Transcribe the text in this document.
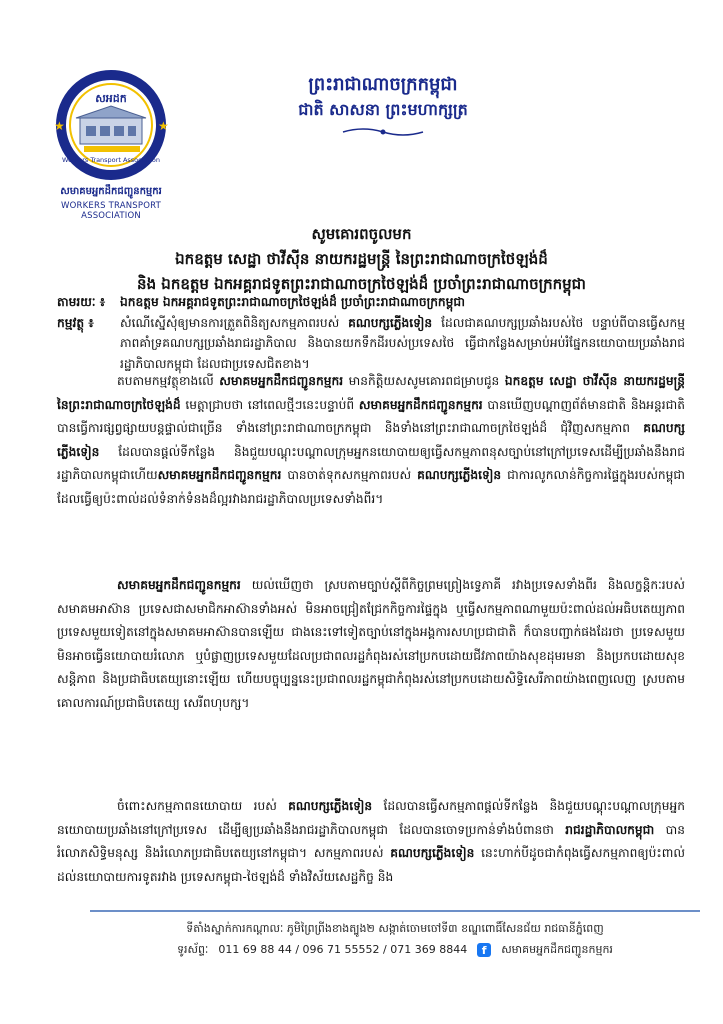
★	★
សអដក
Workers Transport Association
សមាគមអ្នកដឹកជញ្ជូនកម្មករ
WORKERS TRANSPORT ASSOCIATION
ព្រះរាជាណាចក្រកម្ពុជា
ជាតិ សាសនា ព្រះមហាក្សត្រ
សូមគោរពចូលមក
ឯកឧត្តម សេដ្ឋា ថាវីស៊ីន នាយករដ្ឋមន្ត្រី នៃព្រះរាជាណាចក្រថៃឡង់ដ៏
និង ឯកឧត្តម ឯកអគ្គរាជទូតព្រះរាជាណាចក្រថៃឡង់ដ៏ ប្រចាំព្រះរាជាណាចក្រកម្ពុជា
តាមរយៈ ៖	ឯកឧត្តម ឯកអគ្គរាជទូតព្រះរាជាណាចក្រថៃឡង់ដ៏ ប្រចាំព្រះរាជាណាចក្រកម្ពុជា
កម្មវត្ថុ ៖	សំណើស្នើសុំឲ្យមានការត្រួតពិនិត្យសកម្មភាពរបស់ គណបក្សភ្លើងទៀន ដែលជាគណបក្សប្រឆាំងរបស់ថៃ បន្ទាប់ពីបានធ្វើសកម្មភាពគាំទ្រគណបក្សប្រឆាំងរាជរដ្ឋាភិបាល និងបានយកទឹកដីរបស់ប្រទេសថៃ ធ្វើជាកន្លែងសម្រាប់អប់រំផ្នែកនយោបាយប្រឆាំងរាជរដ្ឋាភិបាលកម្ពុជា ដែលជាប្រទេសជិតខាង។
តបតាមកម្មវត្ថុខាងលើ សមាគមអ្នកដឹកជញ្ជូនកម្មករ មានកិត្តិយសសូមគោរពជម្រាបជូន ឯកឧត្តម សេដ្ឋា ថាវីស៊ីន នាយករដ្ឋមន្ត្រី នៃព្រះរាជាណាចក្រថៃឡង់ដ៏ មេត្តាជ្រាបថា នៅពេលថ្មីៗនេះបន្ទាប់ពី សមាគមអ្នកដឹកជញ្ជូនកម្មករ បានឃើញបណ្តាញព័ត៌មានជាតិ និងអន្តរជាតិ បានធ្វើការផ្សព្វផ្សាយបន្តផ្ទាល់ជាច្រើន ទាំងនៅព្រះរាជាណាចក្រកម្ពុជា និងទាំងនៅព្រះរាជាណាចក្រថៃឡង់ដ៏ ជុំវិញសកម្មភាព គណបក្សភ្លើងទៀន ដែលបានផ្តល់ទីកន្លែង និងជួយបណ្តុះបណ្តាលក្រុមអ្នកនយោបាយឲ្យធ្វើសកម្មភាពនុសច្បាប់នៅក្រៅប្រទេសដើម្បីប្រឆាំងនឹងរាជរដ្ឋាភិបាលកម្ពុជាហើយសមាគមអ្នកដឹកជញ្ជូនកម្មករ បានចាត់ទុកសកម្មភាពរបស់ គណបក្សភ្លើងទៀន ជាការលូកលាន់កិច្ចការផ្ទៃក្នុងរបស់កម្ពុជា ដែលធ្វើឲ្យប៉ះពាល់ដល់ទំនាក់ទំនងដ៏ល្អរវាងរាជរដ្ឋាភិបាលប្រទេសទាំងពីរ។
សមាគមអ្នកដឹកជញ្ជូនកម្មករ យល់ឃើញថា ស្របតាមច្បាប់ស្តីពីកិច្ចព្រមព្រៀងទ្វេភាគី រវាងប្រទេសទាំងពីរ និងលក្ខន្តិកៈរបស់សមាគមអាស៊ាន ប្រទេសជាសមាជិកអាស៊ានទាំងអស់ មិនអាចជ្រៀតជ្រែកកិច្ចការផ្ទៃក្នុង ឬធ្វើសកម្មភាពណាមួយប៉ះពាល់ដល់អធិបតេយ្យភាពប្រទេសមួយទៀតនៅក្នុងសមាគមអាស៊ានបានឡើយ ជាងនេះទៅទៀតច្បាប់នៅក្នុងអង្គការសហប្រជាជាតិ ក៏បានបញ្ជាក់ផងដែរថា ប្រទេសមួយមិនអាចធ្វើនយោបាយរំលោភ ឬបំផ្លាញប្រទេសមួយដែលប្រជាពលរដ្ឋកំពុងរស់នៅប្រកបដោយជីវភាពយ៉ាងសុខដុមរមនា និងប្រកបដោយសុខសន្តិភាព និងប្រជាធិបតេយ្យនោះឡើយ ហើយបច្ចុប្បន្ននេះប្រជាពលរដ្ឋកម្ពុជាកំពុងរស់នៅប្រកបដោយសិទ្ធិសេរីភាពយ៉ាងពេញលេញ ស្របតាមគោលការណ៍ប្រជាធិបតេយ្យ សេរីពហុបក្ស។
ចំពោះសកម្មភាពនយោបាយ របស់ គណបក្សភ្លើងទៀន ដែលបានធ្វើសកម្មភាពផ្តល់ទីកន្លែង និងជួយបណ្តុះបណ្តាលក្រុមអ្នកនយោបាយប្រឆាំងនៅក្រៅប្រទេស ដើម្បីឲ្យប្រឆាំងនឹងរាជរដ្ឋាភិបាលកម្ពុជា ដែលបានចោទប្រកាន់ទាំងបំពានថា រាជរដ្ឋាភិបាលកម្ពុជា បានរំលោភសិទ្ធិមនុស្ស និងរំលោភប្រជាធិបតេយ្យនៅកម្ពុជា។ សកម្មភាពរបស់ គណបក្សភ្លើងទៀន នេះហាក់បីដូចជាកំពុងធ្វើសកម្មភាពឲ្យប៉ះពាល់ដល់នយោបាយការទូតរវាង ប្រទេសកម្ពុជា-ថៃឡង់ដ៏ ទាំងវិស័យសេដ្ឋកិច្ច និង
ទីតាំងស្នាក់ការកណ្តាលៈ ភូមិព្រៃព្រីងខាងត្បូង២ សង្កាត់ចោមចៅទី៣ ខណ្ឌពោធិ៍សែនជ័យ រាជធានីភ្នំពេញ
ទូរស័ព្ទៈ 011 69 88 44 / 096 71 55552 / 071 369 8844	f	សមាគមអ្នកដឹកជញ្ជូនកម្មករ
